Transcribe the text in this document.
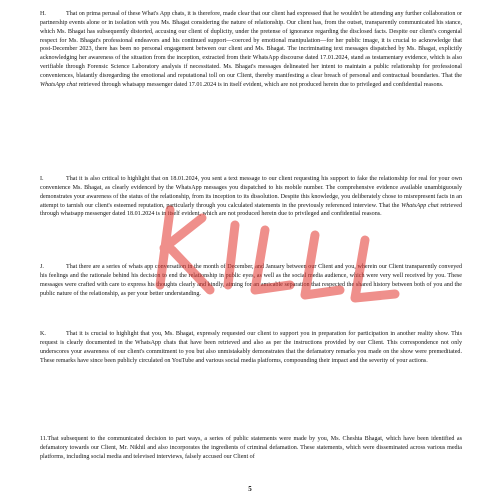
H.	That on prima perusal of these What's App chats, it is therefore, made clear that our client had expressed that he wouldn't be attending any further collaboration or partnership events alone or in isolation with you Ms. Bhagat considering the nature of relationship. Our client has, from the outset, transparently communicated his stance, which Ms. Bhagat has subsequently distorted, accusing our client of duplicity, under the pretense of ignorance regarding the disclosed facts. Despite our client's congenial respect for Ms. Bhagat's professional endeavors and his continued support—coerced by emotional manipulation—for her public image, it is crucial to acknowledge that post-December 2023, there has been no personal engagement between our client and Ms. Bhagat. The incriminating text messages dispatched by Ms. Bhagat, explicitly acknowledging her awareness of the situation from the inception, extracted from their WhatsApp discourse dated 17.01.2024, stand as testamentary evidence, which is also verifiable through Forensic Science Laboratory analysis if necessitated. Ms. Bhagat's messages delineated her intent to maintain a public relationship for professional conveniences, blatantly disregarding the emotional and reputational toll on our Client, thereby manifesting a clear breach of personal and contractual boundaries. That the WhatsApp chat retrieved through whatsapp messenger dated 17.01.2024 is in itself evident, which are not produced herein due to privileged and confidential reasons.

I.	That it is also critical to highlight that on 18.01.2024, you sent a text message to our client requesting his support to fake the relationship for real for your own convenience Ms. Bhagat, as clearly evidenced by the WhatsApp messages you dispatched to his mobile number. The comprehensive evidence available unambiguously demonstrates your awareness of the status of the relationship, from its inception to its dissolution. Despite this knowledge, you deliberately chose to misrepresent facts in an attempt to tarnish our client's esteemed reputation, particularly through you calculated statements in the previously referenced interview. That the WhatsApp chat retrieved through whatsapp messenger dated 18.01.2024 is in itself evident, which are not produced herein due to privileged and confidential reasons.

J.	That there are a series of whats app conversation in the month of December, and January between our Client and you, wherein our Client transparently conveyed his feelings and the rationale behind his decision to end the relationship in public eyes, as well as the social media audience, which were very well received by you. These messages were crafted with care to express his thoughts clearly and kindly, aiming for an amicable separation that respected the shared history between both of you and the public nature of the relationship, as per your better understanding.

K.	That it is crucial to highlight that you, Ms. Bhagat, expressly requested our client to support you in preparation for participation in another reality show. This request is clearly documented in the WhatsApp chats that have been retrieved and also as per the instructions provided by our Client. This correspondence not only underscores your awareness of our client's commitment to you but also unmistakably demonstrates that the defamatory remarks you made on the show were premeditated. These remarks have since been publicly circulated on YouTube and various social media platforms, compounding their impact and the severity of your actions.

11.That subsequent to the communicated decision to part ways, a series of public statements were made by you, Ms. Cheshta Bhagat, which have been identified as defamatory towards our Client, Mr. Nikhil and also incorporates the ingredients of criminal defamation. These statements, which were disseminated across various media platforms, including social media and televised interviews, falsely accused our Client of

5
